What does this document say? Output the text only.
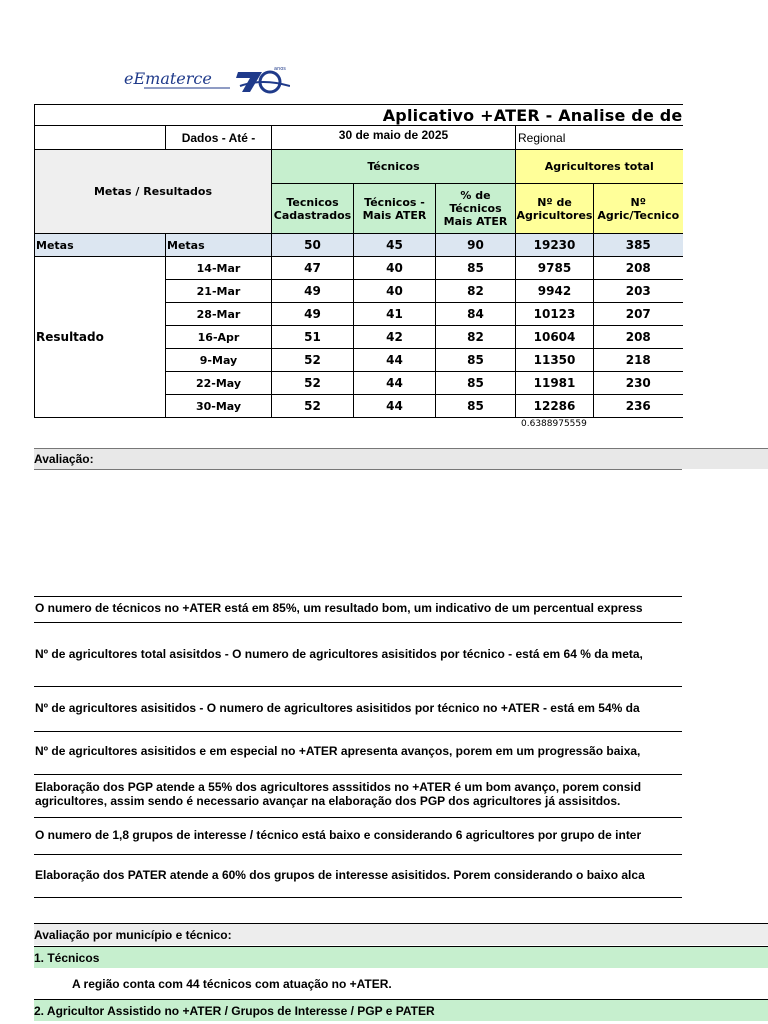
eEmaterce	anos
Aplicativo +ATER - Analise de de						
	Dados - Até -	30 de maio de 2025			Regional	
Metas / Resultados		Técnicos			Agricultores total	
		Tecnicos Cadastrados	Técnicos - Mais ATER	% de Técnicos Mais ATER	Nº de Agricultores	Nº Agric/Tecnico
Metas	Metas	50	45	90	19230	385
Resultado	14-Mar	47	40	85	9785	208
	21-Mar	49	40	82	9942	203
	28-Mar	49	41	84	10123	207
	16-Apr	51	42	82	10604	208
	9-May	52	44	85	11350	218
	22-May	52	44	85	11981	230
	30-May	52	44	85	12286	236
0.6388975559
Avaliação:
O numero de técnicos no +ATER está em 85%, um resultado bom, um indicativo de um percentual express
Nº de agricultores total asisitdos - O numero de agricultores asisitidos por técnico - está em 64 % da meta,
Nº de agricultores asisitidos - O numero de agricultores asisitidos por técnico no +ATER - está em 54% da
Nº de agricultores asisitidos e em especial no +ATER apresenta avanços, porem em um progressão baixa,
Elaboração dos PGP atende a 55% dos agricultores asssitidos no +ATER é um bom avanço, porem consid agricultores, assim sendo é necessario avançar na elaboração dos PGP dos agricultores já assisitdos.
O numero de 1,8 grupos de interesse / técnico está baixo e considerando 6 agricultores por grupo de inter
Elaboração dos PATER atende a 60% dos grupos de interesse asisitidos. Porem considerando o baixo alca
Avaliação por município e técnico:
1. Técnicos
A região conta com 44 técnicos com atuação no +ATER.
2. Agricultor Assistido no +ATER / Grupos de Interesse / PGP e PATER
